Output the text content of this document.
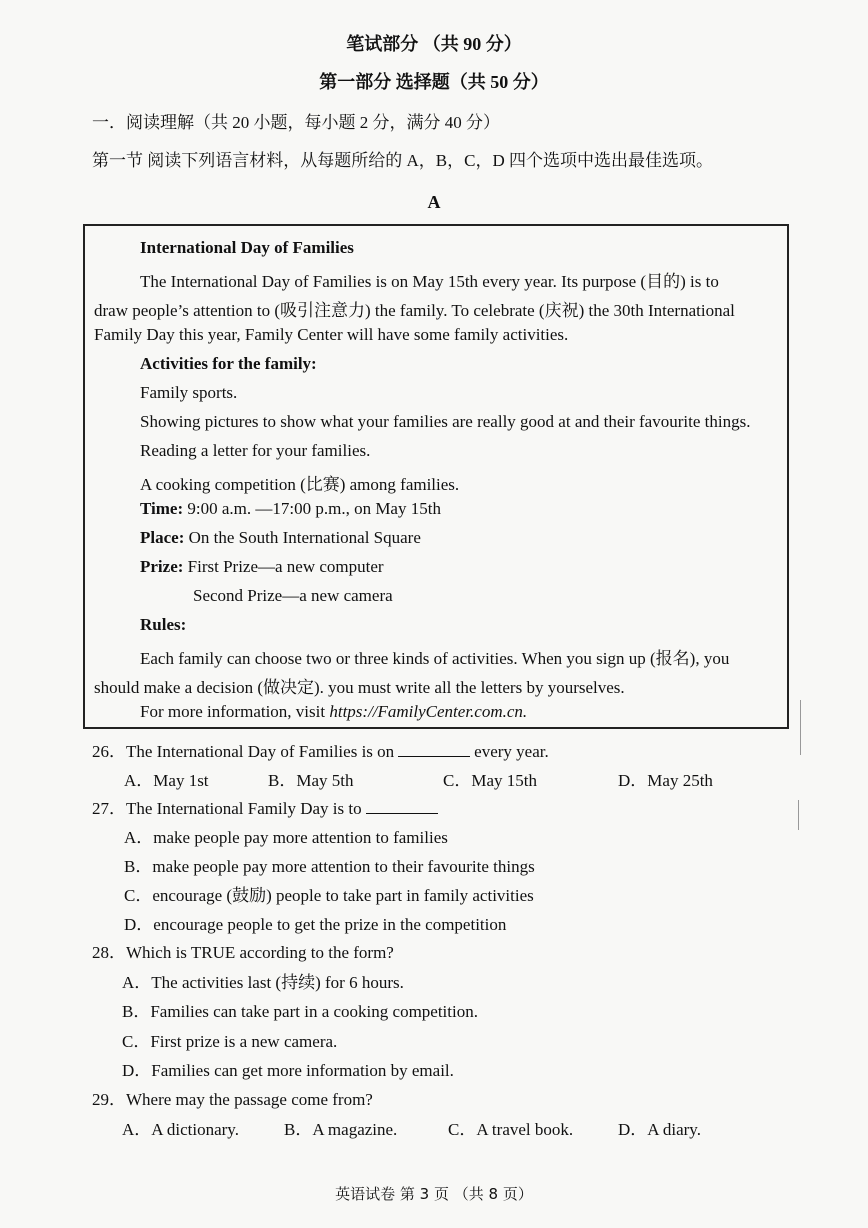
笔试部分 （共 90 分）
第一部分 选择题（共 50 分）
一．阅读理解（共 20 小题，每小题 2 分，满分 40 分）
第一节 阅读下列语言材料，从每题所给的 A，B，C，D 四个选项中选出最佳选项。
A
International Day of Families
The International Day of Families is on May 15th every year. Its purpose (目的) is to
draw people’s attention to (吸引注意力) the family. To celebrate (庆祝) the 30th International
Family Day this year, Family Center will have some family activities.
Activities for the family:
Family sports.
Showing pictures to show what your families are really good at and their favourite things.
Reading a letter for your families.
A cooking competition (比赛) among families.
Time: 9:00 a.m. —17:00 p.m., on May 15th
Place: On the South International Square
Prize: First Prize—a new computer
Second Prize—a new camera
Rules:
Each family can choose two or three kinds of activities. When you sign up (报名), you
should make a decision (做决定). you must write all the letters by yourselves.
For more information, visit https://FamilyCenter.com.cn.
26．The International Day of Families is on	every year.
A．May 1st	B．May 5th	C．May 15th	D．May 25th
27．The International Family Day is to
A．make people pay more attention to families
B．make people pay more attention to their favourite things
C．encourage (鼓励) people to take part in family activities
D．encourage people to get the prize in the competition
28．Which is TRUE according to the form?
A．The activities last (持续) for 6 hours.
B．Families can take part in a cooking competition.
C．First prize is a new camera.
D．Families can get more information by email.
29．Where may the passage come from?
A．A dictionary.	B．A magazine.	C．A travel book.	D．A diary.
英语试卷 第 3 页 （共 8 页）
